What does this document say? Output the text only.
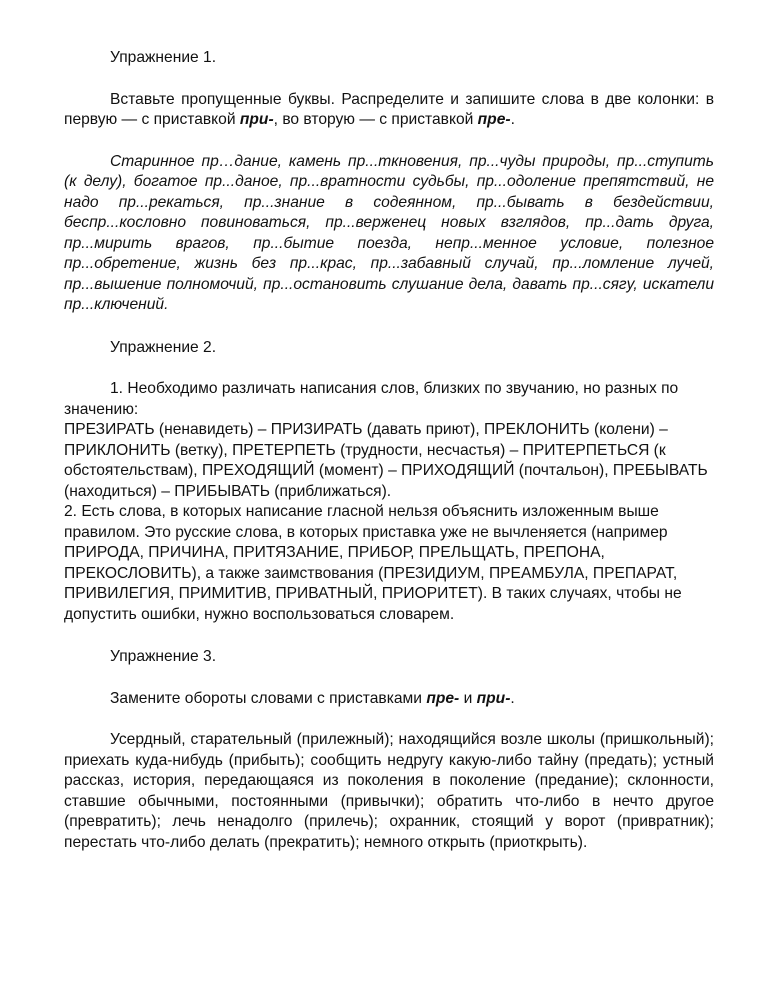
Упражнение 1.

Вставьте пропущенные буквы. Распределите и запишите слова в две колонки: в первую — с приставкой при-, во вторую — с приставкой пре-.

Старинное пр…дание, камень пр...ткновения, пр...чуды природы, пр...ступить (к делу), богатое пр...даное, пр...вратности судьбы, пр...одоление препятствий, не надо пр...рекаться, пр...знание в содеянном, пр...бывать в бездействии, беспр...кословно повиноваться, пр...верженец новых взглядов, пр...дать друга, пр...мирить врагов, пр...бытие поезда, непр...менное условие, полезное пр...обретение, жизнь без пр...крас, пр...забавный случай, пр...ломление лучей, пр...вышение полномочий, пр...остановить слушание дела, давать пр...сягу, искатели пр...ключений.

Упражнение 2.

1. Необходимо различать написания слов, близких по звучанию, но разных по значению:

ПРЕЗИРАТЬ (ненавидеть) – ПРИЗИРАТЬ (давать приют), ПРЕКЛОНИТЬ (колени) – ПРИКЛОНИТЬ (ветку), ПРЕТЕРПЕТЬ (трудности, несчастья) – ПРИТЕРПЕТЬСЯ (к обстоятельствам), ПРЕХОДЯЩИЙ (момент) – ПРИХОДЯЩИЙ (почтальон), ПРЕБЫВАТЬ (находиться) – ПРИБЫВАТЬ (приближаться).

2. Есть слова, в которых написание гласной нельзя объяснить изложенным выше правилом. Это русские слова, в которых приставка уже не вычленяется (например ПРИРОДА, ПРИЧИНА, ПРИТЯЗАНИЕ, ПРИБОР, ПРЕЛЬЩАТЬ, ПРЕПОНА, ПРЕКОСЛОВИТЬ), а также заимствования (ПРЕЗИДИУМ, ПРЕАМБУЛА, ПРЕПАРАТ, ПРИВИЛЕГИЯ, ПРИМИТИВ, ПРИВАТНЫЙ, ПРИОРИТЕТ). В таких случаях, чтобы не допустить ошибки, нужно воспользоваться словарем.

Упражнение 3.

Замените обороты словами с приставками пре- и при-.

Усердный, старательный (прилежный); находящийся возле школы (пришкольный); приехать куда-нибудь (прибыть); сообщить недругу какую-либо тайну (предать); устный рассказ, история, передающаяся из поколения в поколение (предание); склонности, ставшие обычными, постоянными (привычки); обратить что-либо в нечто другое (превратить); лечь ненадолго (прилечь); охранник, стоящий у ворот (привратник); перестать что-либо делать (прекратить); немного открыть (приоткрыть).
